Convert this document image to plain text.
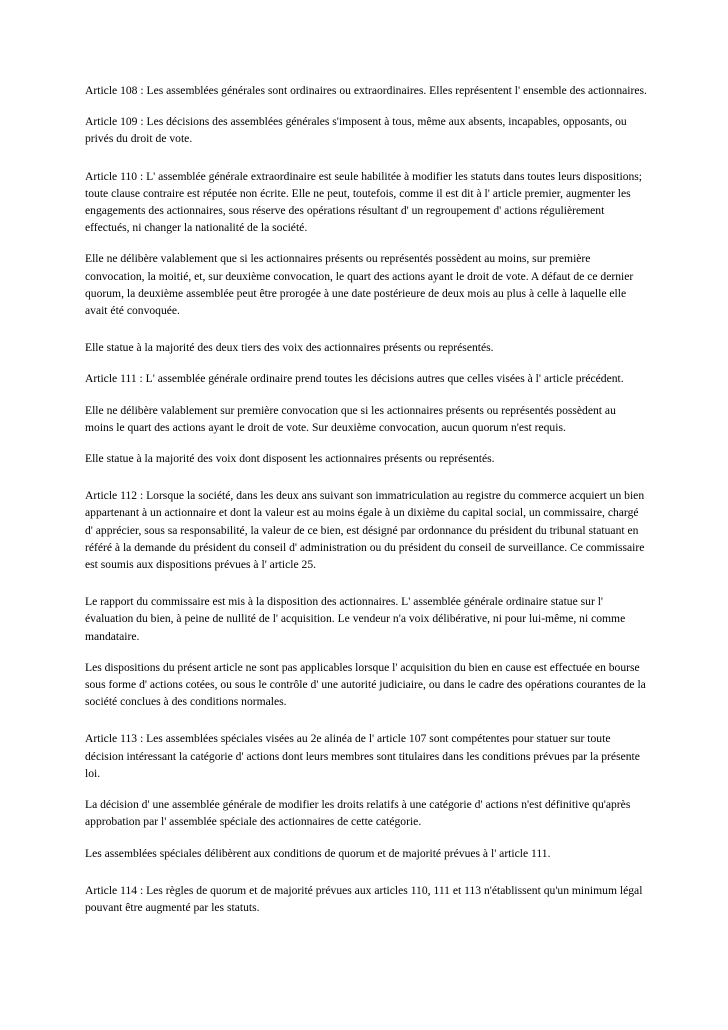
Article 108 : Les assemblées générales sont ordinaires ou extraordinaires. Elles représentent l' ensemble des actionnaires.

Article 109 : Les décisions des assemblées générales s'imposent à tous, même aux absents, incapables, opposants, ou privés du droit de vote.

Article 110 : L' assemblée générale extraordinaire est seule habilitée à modifier les statuts dans toutes leurs dispositions; toute clause contraire est réputée non écrite. Elle ne peut, toutefois, comme il est dit à l' article premier, augmenter les engagements des actionnaires, sous réserve des opérations résultant d' un regroupement d' actions régulièrement effectués, ni changer la nationalité de la société.

Elle ne délibère valablement que si les actionnaires présents ou représentés possèdent au moins, sur première convocation, la moitié, et, sur deuxième convocation, le quart des actions ayant le droit de vote. A défaut de ce dernier quorum, la deuxième assemblée peut être prorogée à une date postérieure de deux mois au plus à celle à laquelle elle avait été convoquée.

Elle statue à la majorité des deux tiers des voix des actionnaires présents ou représentés.

Article 111 : L' assemblée générale ordinaire prend toutes les décisions autres que celles visées à l' article précédent.

Elle ne délibère valablement sur première convocation que si les actionnaires présents ou représentés possèdent au moins le quart des actions ayant le droit de vote. Sur deuxième convocation, aucun quorum n'est requis.

Elle statue à la majorité des voix dont disposent les actionnaires présents ou représentés.

Article 112 : Lorsque la société, dans les deux ans suivant son immatriculation au registre du commerce acquiert un bien appartenant à un actionnaire et dont la valeur est au moins égale à un dixième du capital social, un commissaire, chargé d' apprécier, sous sa responsabilité, la valeur de ce bien, est désigné par ordonnance du président du tribunal statuant en référé à la demande du président du conseil d' administration ou du président du conseil de surveillance. Ce commissaire est soumis aux dispositions prévues à l' article 25.

Le rapport du commissaire est mis à la disposition des actionnaires. L' assemblée générale ordinaire statue sur l' évaluation du bien, à peine de nullité de l' acquisition. Le vendeur n'a voix délibérative, ni pour lui-même, ni comme mandataire.

Les dispositions du présent article ne sont pas applicables lorsque l' acquisition du bien en cause est effectuée en bourse sous forme d' actions cotées, ou sous le contrôle d' une autorité judiciaire, ou dans le cadre des opérations courantes de la société conclues à des conditions normales.

Article 113 : Les assemblées spéciales visées au 2e alinéa de l' article 107 sont compétentes pour statuer sur toute décision intéressant la catégorie d' actions dont leurs membres sont titulaires dans les conditions prévues par la présente loi.

La décision d' une assemblée générale de modifier les droits relatifs à une catégorie d' actions n'est définitive qu'après approbation par l' assemblée spéciale des actionnaires de cette catégorie.

Les assemblées spéciales délibèrent aux conditions de quorum et de majorité prévues à l' article 111.

Article 114 : Les règles de quorum et de majorité prévues aux articles 110, 111 et 113 n'établissent qu'un minimum légal pouvant être augmenté par les statuts.
